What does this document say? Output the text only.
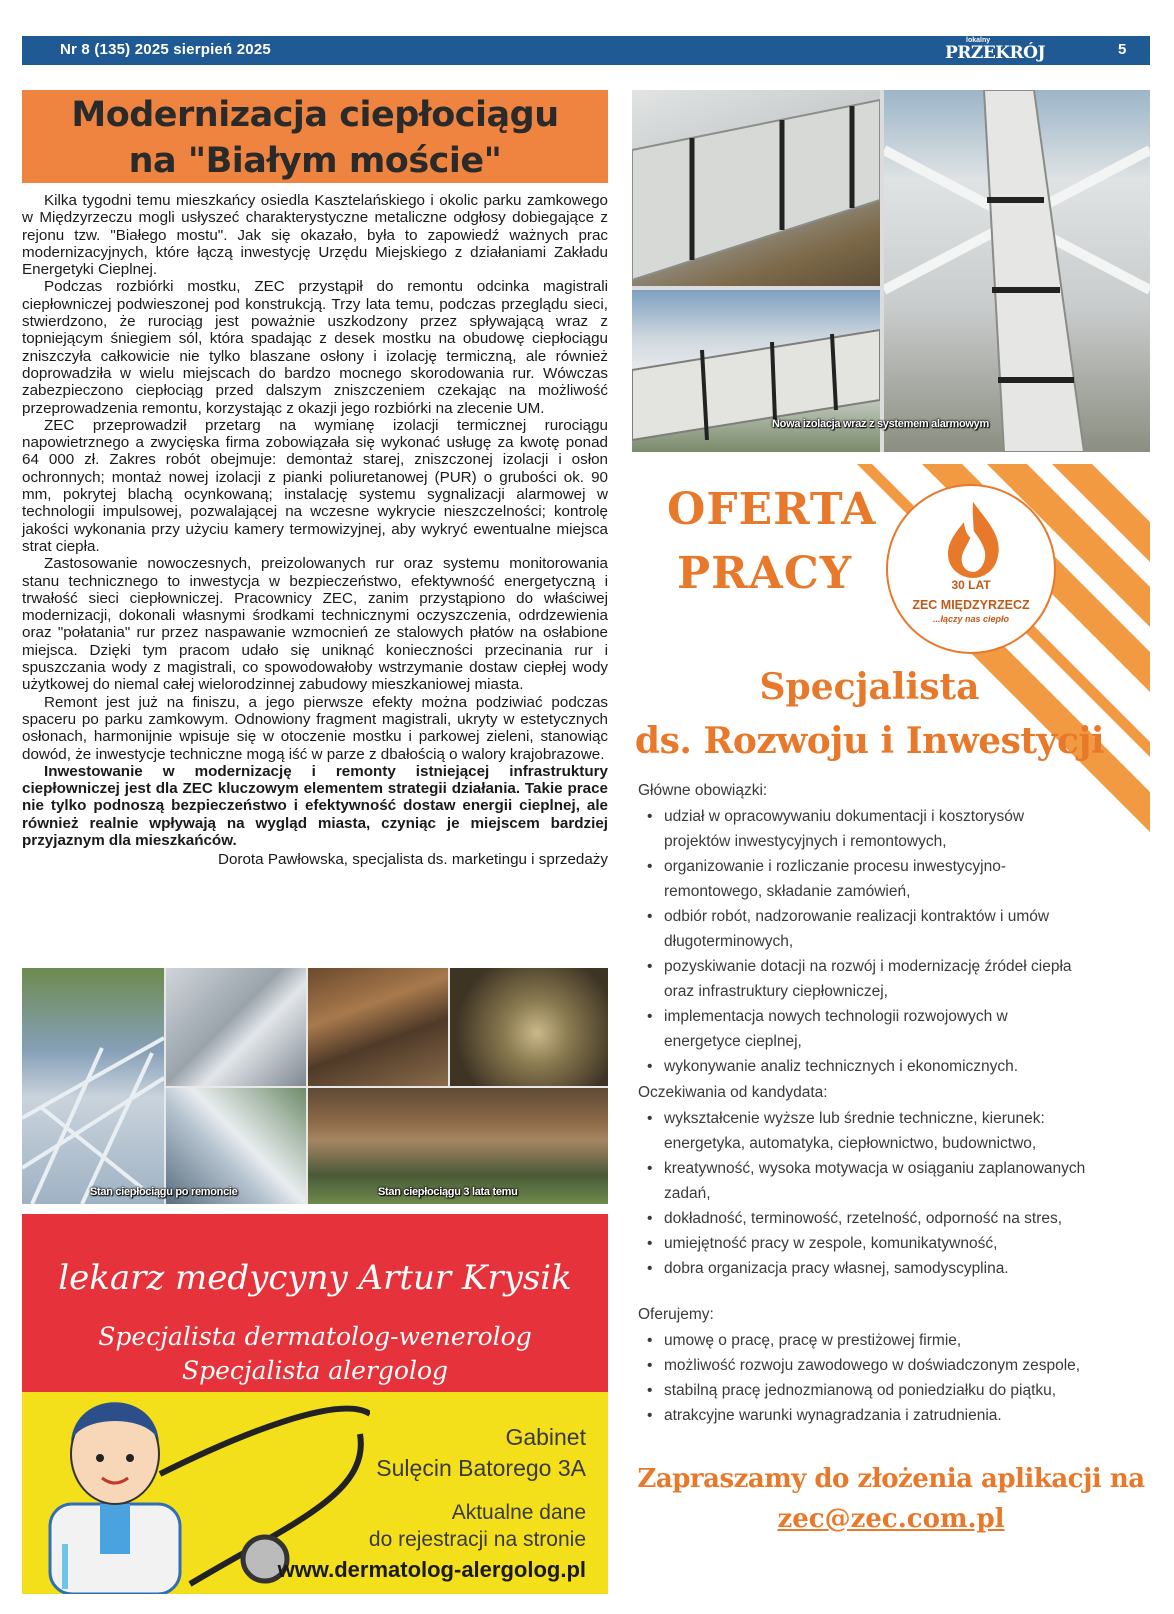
Nr 8 (135) 2025 sierpień 2025
lokalny
PRZEKRÓJ	5
Modernizacja ciepłociągu
na "Białym moście"

Kilka tygodni temu mieszkańcy osiedla Kasztelańskiego i okolic parku zamkowego w Międzyrzeczu mogli usłyszeć charakterystyczne metaliczne odgłosy dobiegające z rejonu tzw. "Białego mostu". Jak się okazało, była to zapowiedź ważnych prac modernizacyjnych, które łączą inwestycję Urzędu Miejskiego z działaniami Zakładu Energetyki Cieplnej.

Podczas rozbiórki mostku, ZEC przystąpił do remontu odcinka magistrali ciepłowniczej podwieszonej pod konstrukcją. Trzy lata temu, podczas przeglądu sieci, stwierdzono, że rurociąg jest poważnie uszkodzony przez spływającą wraz z topniejącym śniegiem sól, która spadając z desek mostku na obudowę ciepłociągu zniszczyła całkowicie nie tylko blaszane osłony i izolację termiczną, ale również doprowadziła w wielu miejscach do bardzo mocnego skorodowania rur. Wówczas zabezpieczono ciepłociąg przed dalszym zniszczeniem czekając na możliwość przeprowadzenia remontu, korzystając z okazji jego rozbiórki na zlecenie UM.

ZEC przeprowadził przetarg na wymianę izolacji termicznej rurociągu napowietrznego a zwycięska firma zobowiązała się wykonać usługę za kwotę ponad 64 000 zł. Zakres robót obejmuje: demontaż starej, zniszczonej izolacji i osłon ochronnych; montaż nowej izolacji z pianki poliuretanowej (PUR) o grubości ok. 90 mm, pokrytej blachą ocynkowaną; instalację systemu sygnalizacji alarmowej w technologii impulsowej, pozwalającej na wczesne wykrycie nieszczelności; kontrolę jakości wykonania przy użyciu kamery termowizyjnej, aby wykryć ewentualne miejsca strat ciepła.

Zastosowanie nowoczesnych, preizolowanych rur oraz systemu monitorowania stanu technicznego to inwestycja w bezpieczeństwo, efektywność energetyczną i trwałość sieci ciepłowniczej. Pracownicy ZEC, zanim przystąpiono do właściwej modernizacji, dokonali własnymi środkami technicznymi oczyszczenia, odrdzewienia oraz "połatania" rur przez naspawanie wzmocnień ze stalowych płatów na osłabione miejsca. Dzięki tym pracom udało się uniknąć konieczności przecinania rur i spuszczania wody z magistrali, co spowodowałoby wstrzymanie dostaw ciepłej wody użytkowej do niemal całej wielorodzinnej zabudowy mieszkaniowej miasta.

Remont jest już na finiszu, a jego pierwsze efekty można podziwiać podczas spaceru po parku zamkowym. Odnowiony fragment magistrali, ukryty w estetycznych osłonach, harmonijnie wpisuje się w otoczenie mostku i parkowej zieleni, stanowiąc dowód, że inwestycje techniczne mogą iść w parze z dbałością o walory krajobrazowe.

Inwestowanie w modernizację i remonty istniejącej infrastruktury ciepłowniczej jest dla ZEC kluczowym elementem strategii działania. Takie prace nie tylko podnoszą bezpieczeństwo i efektywność dostaw energii cieplnej, ale również realnie wpływają na wygląd miasta, czyniąc je miejscem bardziej przyjaznym dla mieszkańców.

Dorota Pawłowska, specjalista ds. marketingu i sprzedaży

Stan ciepłociągu po remoncie	Stan ciepłociągu 3 lata temu
lekarz medycyny Artur Krysik
Specjalista dermatolog-wenerolog
Specjalista alergolog
Gabinet
Sulęcin Batorego 3A
Aktualne dane
do rejestracji na stronie
www.dermatolog-alergolog.pl
Nowa izolacja wraz z systemem alarmowym
OFERTA
PRACY	30 LAT
ZEC MIĘDZYRZECZ
...łączy nas ciepło
Specjalista
ds. Rozwoju i Inwestycji
Główne obowiązki:
• udział w opracowywaniu dokumentacji i kosztorysów
projektów inwestycyjnych i remontowych,
• organizowanie i rozliczanie procesu inwestycyjno-
remontowego, składanie zamówień,
• odbiór robót, nadzorowanie realizacji kontraktów i umów
długoterminowych,
• pozyskiwanie dotacji na rozwój i modernizację źródeł ciepła
oraz infrastruktury ciepłowniczej,
• implementacja nowych technologii rozwojowych w
energetyce cieplnej,
• wykonywanie analiz technicznych i ekonomicznych.
Oczekiwania od kandydata:
• wykształcenie wyższe lub średnie techniczne, kierunek:
energetyka, automatyka, ciepłownictwo, budownictwo,
• kreatywność, wysoka motywacja w osiąganiu zaplanowanych
zadań,
• dokładność, terminowość, rzetelność, odporność na stres,
• umiejętność pracy w zespole, komunikatywność,
• dobra organizacja pracy własnej, samodyscyplina.
Oferujemy:
• umowę o pracę, pracę w prestiżowej firmie,
• możliwość rozwoju zawodowego w doświadczonym zespole,
• stabilną pracę jednozmianową od poniedziałku do piątku,
• atrakcyjne warunki wynagradzania i zatrudnienia.
Zapraszamy do złożenia aplikacji na
zec@zec.com.pl
